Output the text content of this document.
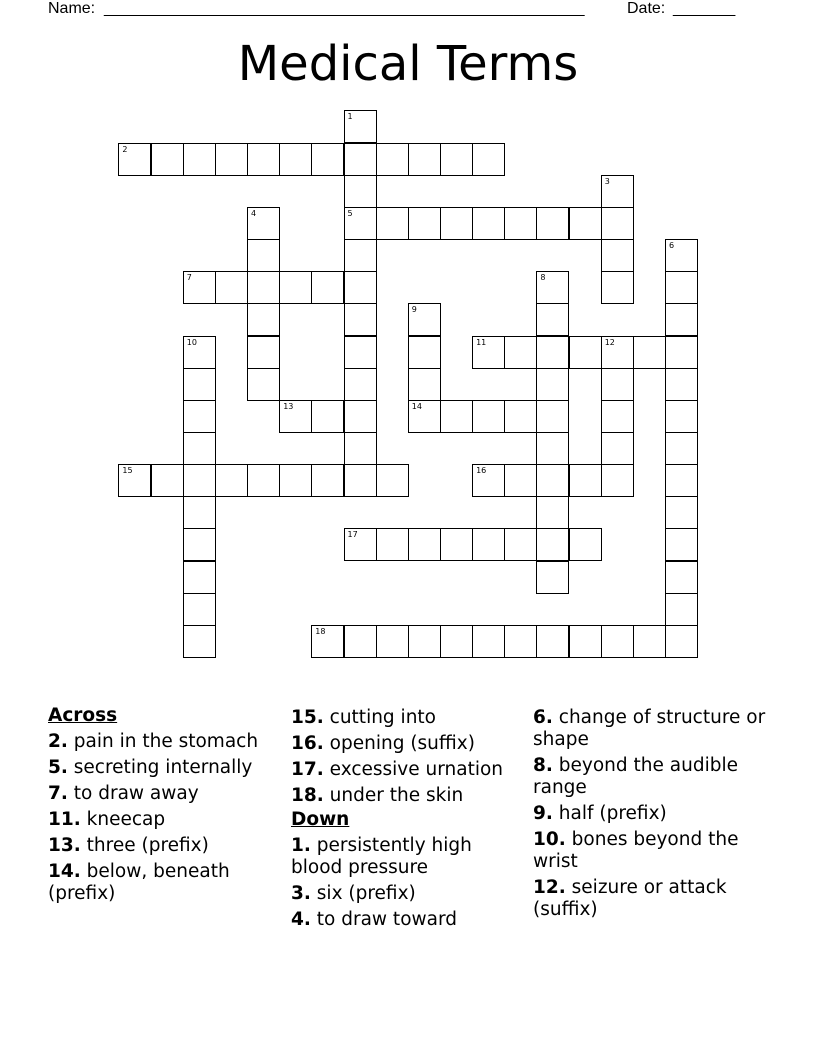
Name: ______________________________________________________	Date: _______
Medical Terms
1
2
3
4	5
6
7	8
9
10	11	12
13	14
15	16
17
18
Across
2. pain in the stomach
5. secreting internally
7. to draw away
11. kneecap
13. three (prefix)
14. below, beneath (prefix)
15. cutting into
16. opening (suffix)
17. excessive urnation
18. under the skin
Down
1. persistently high blood pressure
3. six (prefix)
4. to draw toward
6. change of structure or shape
8. beyond the audible range
9. half (prefix)
10. bones beyond the wrist
12. seizure or attack (suffix)
